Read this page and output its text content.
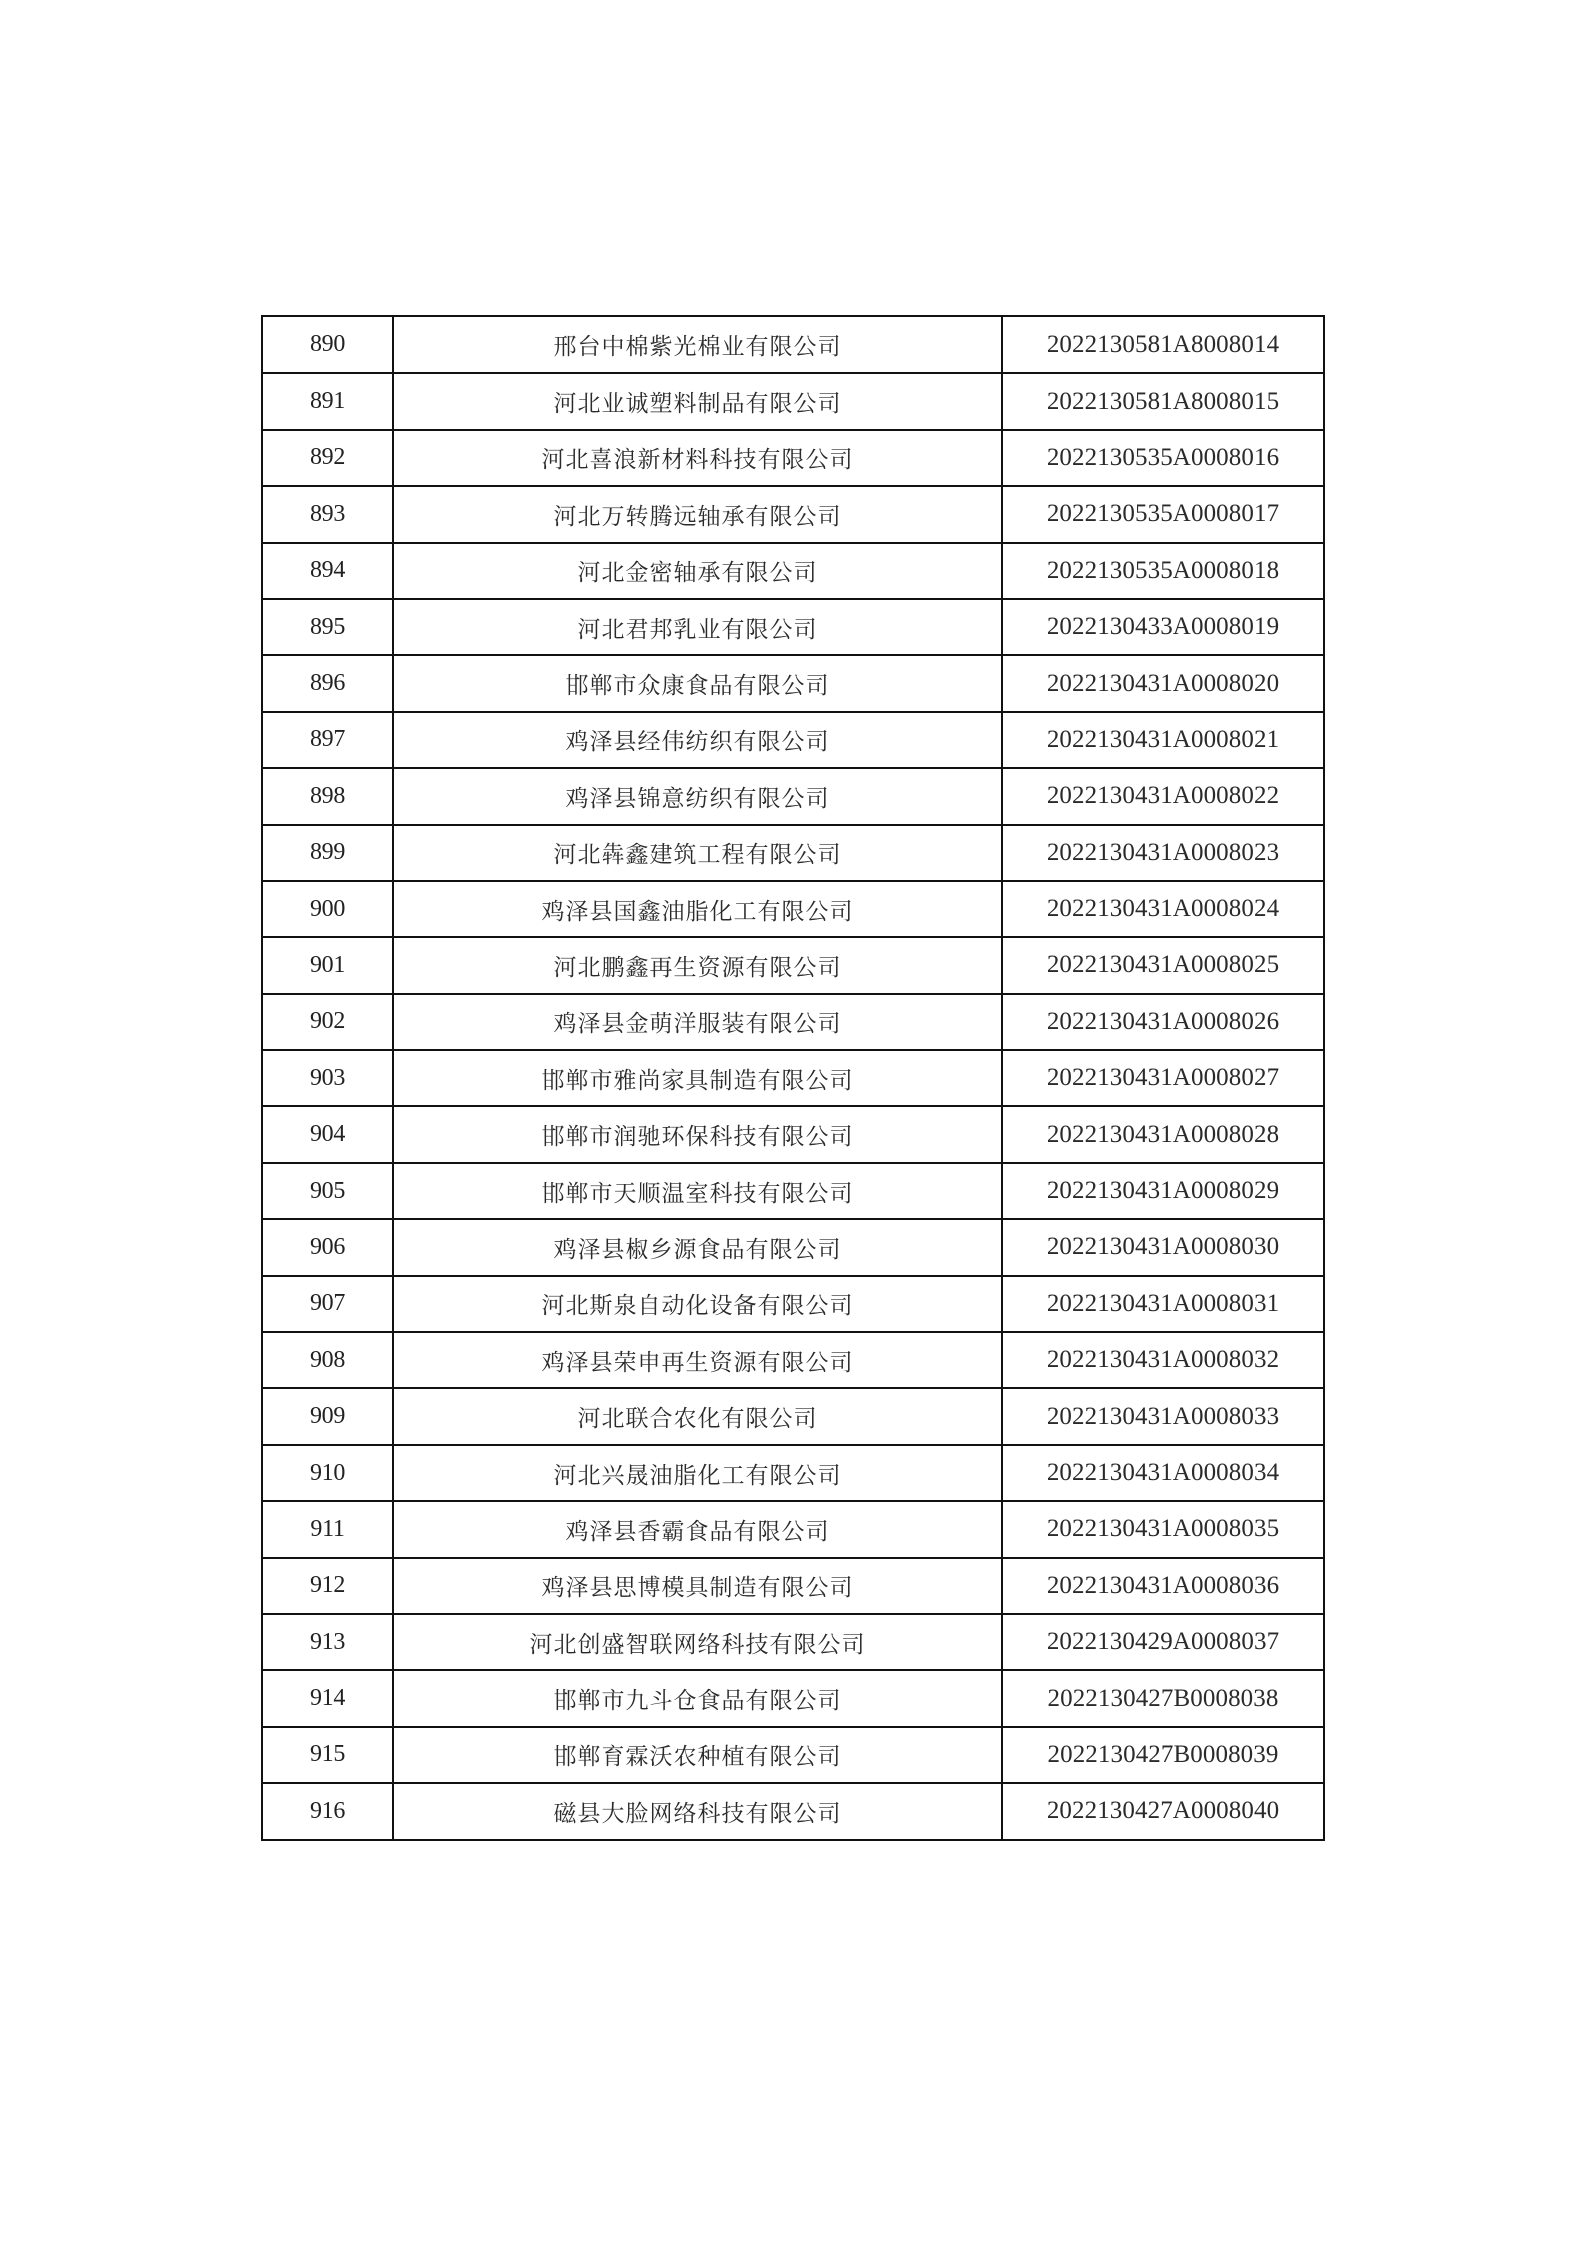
890	邢台中棉紫光棉业有限公司	2022130581A8008014
891	河北业诚塑料制品有限公司	2022130581A8008015
892	河北喜浪新材料科技有限公司	2022130535A0008016
893	河北万转腾远轴承有限公司	2022130535A0008017
894	河北金密轴承有限公司	2022130535A0008018
895	河北君邦乳业有限公司	2022130433A0008019
896	邯郸市众康食品有限公司	2022130431A0008020
897	鸡泽县经伟纺织有限公司	2022130431A0008021
898	鸡泽县锦意纺织有限公司	2022130431A0008022
899	河北犇鑫建筑工程有限公司	2022130431A0008023
900	鸡泽县国鑫油脂化工有限公司	2022130431A0008024
901	河北鹏鑫再生资源有限公司	2022130431A0008025
902	鸡泽县金萌洋服装有限公司	2022130431A0008026
903	邯郸市雅尚家具制造有限公司	2022130431A0008027
904	邯郸市润驰环保科技有限公司	2022130431A0008028
905	邯郸市天顺温室科技有限公司	2022130431A0008029
906	鸡泽县椒乡源食品有限公司	2022130431A0008030
907	河北斯泉自动化设备有限公司	2022130431A0008031
908	鸡泽县荣申再生资源有限公司	2022130431A0008032
909	河北联合农化有限公司	2022130431A0008033
910	河北兴晟油脂化工有限公司	2022130431A0008034
911	鸡泽县香霸食品有限公司	2022130431A0008035
912	鸡泽县思博模具制造有限公司	2022130431A0008036
913	河北创盛智联网络科技有限公司	2022130429A0008037
914	邯郸市九斗仓食品有限公司	2022130427B0008038
915	邯郸育霖沃农种植有限公司	2022130427B0008039
916	磁县大脸网络科技有限公司	2022130427A0008040
